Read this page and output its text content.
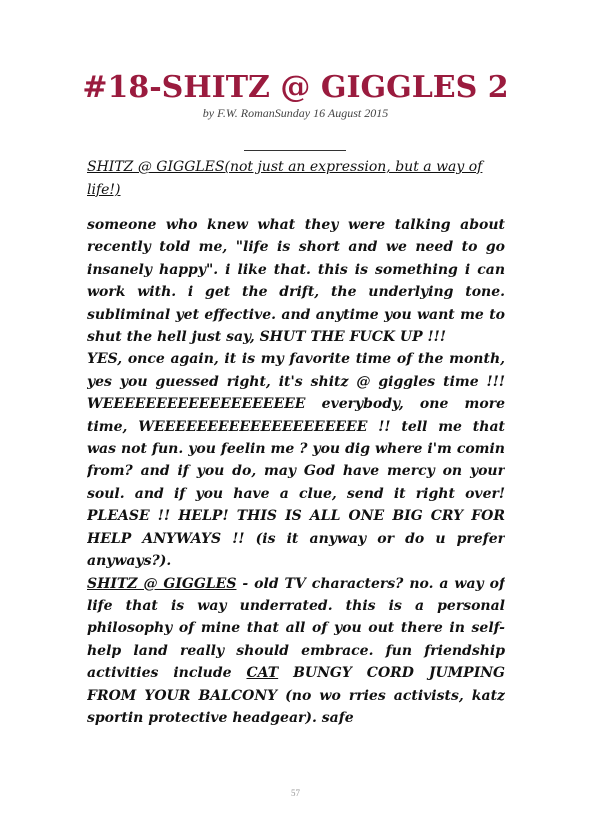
#18-SHITZ @ GIGGLES 2
by F.W. RomanSunday 16 August 2015
SHITZ @ GIGGLES(not just an expression, but a way of life!)

someone who knew what they were talking about recently told me, "life is short and we need to go insanely happy". i like that. this is something i can work with. i get the drift, the underlying tone. subliminal yet effective. and anytime you want me to shut the hell just say, SHUT THE FUCK UP !!!

YES, once again, it is my favorite time of the month, yes you guessed right, it's shitz @ giggles time !!! WEEEEEEEEEEEEEEEEEEE everybody, one more time, WEEEEEEEEEEEEEEEEEEEE !! tell me that was not fun. you feelin me ? you dig where i'm comin from? and if you do, may God have mercy on your soul. and if you have a clue, send it right over! PLEASE !! HELP! THIS IS ALL ONE BIG CRY FOR HELP ANYWAYS !! (is it anyway or do u prefer anyways?).

SHITZ @ GIGGLES - old TV characters? no. a way of life that is way underrated. this is a personal philosophy of mine that all of you out there in self-help land really should embrace. fun friendship activities include CAT BUNGY CORD JUMPING FROM YOUR BALCONY (no wo rries activists, katz sportin protective headgear). safe

57
